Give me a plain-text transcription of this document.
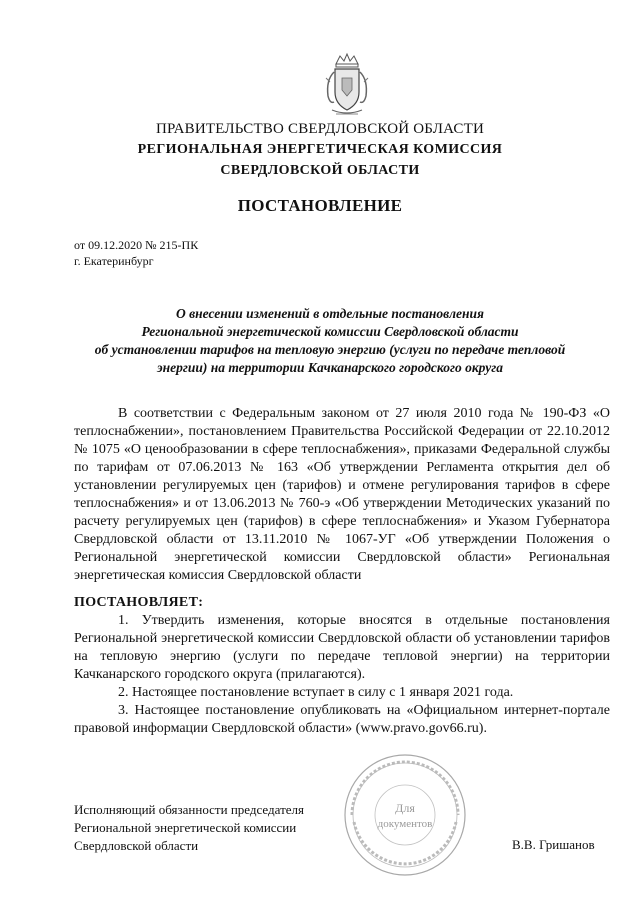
ПРАВИТЕЛЬСТВО СВЕРДЛОВСКОЙ ОБЛАСТИ
РЕГИОНАЛЬНАЯ ЭНЕРГЕТИЧЕСКАЯ КОМИССИЯ
СВЕРДЛОВСКОЙ ОБЛАСТИ
ПОСТАНОВЛЕНИЕ
от 09.12.2020 № 215-ПК
г. Екатеринбург
О внесении изменений в отдельные постановления
Региональной энергетической комиссии Свердловской области
об установлении тарифов на тепловую энергию (услуги по передаче тепловой
энергии) на территории Качканарского городского округа
В соответствии с Федеральным законом от 27 июля 2010 года № 190-ФЗ «О теплоснабжении», постановлением Правительства Российской Федерации от 22.10.2012 № 1075 «О ценообразовании в сфере теплоснабжения», приказами Федеральной службы по тарифам от 07.06.2013 № 163 «Об утверждении Регламента открытия дел об установлении регулируемых цен (тарифов) и отмене регулирования тарифов в сфере теплоснабжения» и от 13.06.2013 № 760-э «Об утверждении Методических указаний по расчету регулируемых цен (тарифов) в сфере теплоснабжения» и Указом Губернатора Свердловской области от 13.11.2010 № 1067-УГ «Об утверждении Положения о Региональной энергетической комиссии Свердловской области» Региональная энергетическая комиссия Свердловской области
ПОСТАНОВЛЯЕТ:

1. Утвердить изменения, которые вносятся в отдельные постановления Региональной энергетической комиссии Свердловской области об установлении тарифов на тепловую энергию (услуги по передаче тепловой энергии) на территории Качканарского городского округа (прилагаются).

2. Настоящее постановление вступает в силу с 1 января 2021 года.

3. Настоящее постановление опубликовать на «Официальном интернет-портале правовой информации Свердловской области» (www.pravo.gov66.ru).

Для
документов
Исполняющий обязанности председателя
Региональной энергетической комиссии
Свердловской области	В.В. Гришанов
